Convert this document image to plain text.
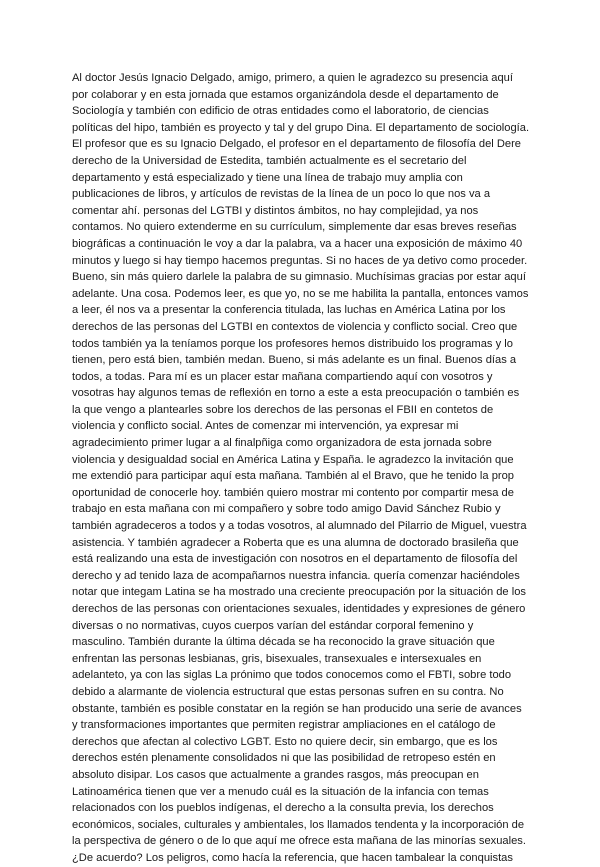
Al doctor Jesús Ignacio Delgado, amigo, primero, a quien le agradezco su presencia aquí
por colaborar y en esta jornada que estamos organizándola desde el departamento de
Sociología y también con edificio de otras entidades como el laboratorio, de ciencias
políticas del hipo, también es proyecto y tal y del grupo Dina. El departamento de sociología.
El profesor que es su Ignacio Delgado, el profesor en el departamento de filosofía del Dere
derecho de la Universidad de Estedita, también actualmente es el secretario del
departamento y está especializado y tiene una línea de trabajo muy amplia con
publicaciones de libros, y artículos de revistas de la línea de un poco lo que nos va a
comentar ahí. personas del LGTBI y distintos ámbitos, no hay complejidad, ya nos
contamos. No quiero extenderme en su currículum, simplemente dar esas breves reseñas
biográficas a continuación le voy a dar la palabra, va a hacer una exposición de máximo 40
minutos y luego si hay tiempo hacemos preguntas. Si no haces de ya detivo como proceder.
Bueno, sin más quiero darlele la palabra de su gimnasio. Muchísimas gracias por estar aquí
adelante. Una cosa. Podemos leer, es que yo, no se me habilita la pantalla, entonces vamos
a leer, él nos va a presentar la conferencia titulada, las luchas en América Latina por los
derechos de las personas del LGTBI en contextos de violencia y conflicto social. Creo que
todos también ya la teníamos porque los profesores hemos distribuido los programas y lo
tienen, pero está bien, también medan. Bueno, si más adelante es un final. Buenos días a
todos, a todas. Para mí es un placer estar mañana compartiendo aquí con vosotros y
vosotras hay algunos temas de reflexión en torno a este a esta preocupación o también es
la que vengo a plantearles sobre los derechos de las personas el FBII en contetos de
violencia y conflicto social. Antes de comenzar mi intervención, ya expresar mi
agradecimiento primer lugar a al finalpñiga como organizadora de esta jornada sobre
violencia y desigualdad social en América Latina y España. le agradezco la invitación que
me extendió para participar aquí esta mañana. También al el Bravo, que he tenido la prop
oportunidad de conocerle hoy. también quiero mostrar mi contento por compartir mesa de
trabajo en esta mañana con mi compañero y sobre todo amigo David Sánchez Rubio y
también agradeceros a todos y a todas vosotros, al alumnado del Pilarrio de Miguel, vuestra
asistencia. Y también agradecer a Roberta que es una alumna de doctorado brasileña que
está realizando una esta de investigación con nosotros en el departamento de filosofía del
derecho y ad tenido laza de acompañarnos nuestra infancia. quería comenzar haciéndoles
notar que integam Latina se ha mostrado una creciente preocupación por la situación de los
derechos de las personas con orientaciones sexuales, identidades y expresiones de género
diversas o no normativas, cuyos cuerpos varían del estándar corporal femenino y
masculino. También durante la última década se ha reconocido la grave situación que
enfrentan las personas lesbianas, gris, bisexuales, transexuales e intersexuales en
adelanteto, ya con las siglas La prónimo que todos conocemos como el FBTI, sobre todo
debido a alarmante de violencia estructural que estas personas sufren en su contra. No
obstante, también es posible constatar en la región se han producido una serie de avances
y transformaciones importantes que permiten registrar ampliaciones en el catálogo de
derechos que afectan al colectivo LGBT. Esto no quiere decir, sin embargo, que es los
derechos estén plenamente consolidados ni que las posibilidad de retropeso estén en
absoluto disipar. Los casos que actualmente a grandes rasgos, más preocupan en
Latinoamérica tienen que ver a menudo cuál es la situación de la infancia con temas
relacionados con los pueblos indígenas, el derecho a la consulta previa, los derechos
económicos, sociales, culturales y ambientales, los llamados tendenta y la incorporación de
la perspectiva de género o de lo que aquí me ofrece esta mañana de las minorías sexuales.
¿De acuerdo? Los peligros, como hacía la referencia, que hacen tambalear la conquistas
